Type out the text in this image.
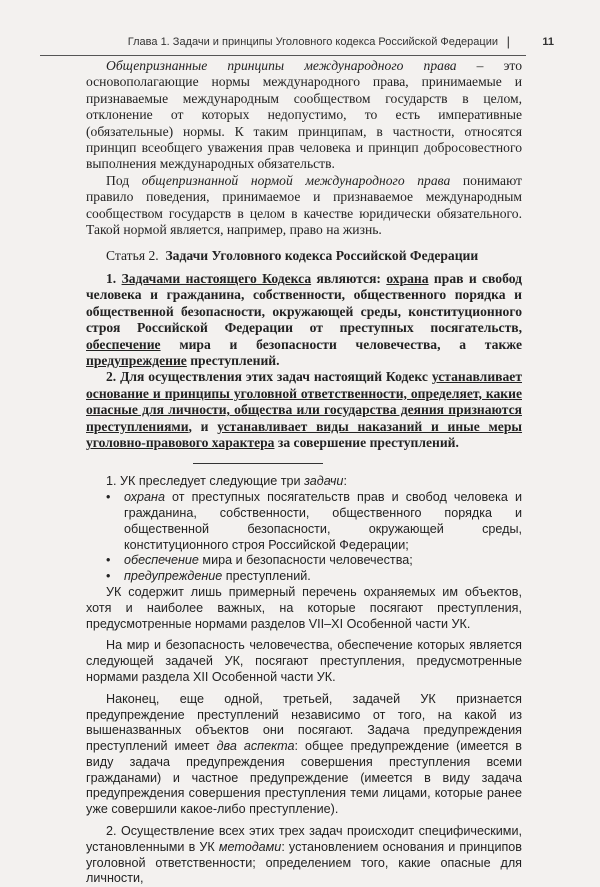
Глава 1. Задачи и принципы Уголовного кодекса Российской Федерации |	11

Общепризнанные принципы международного права – это основополагающие нормы международного права, принимаемые и признаваемые международным сообществом государств в целом, отклонение от которых недопустимо, то есть императивные (обязательные) нормы. К таким принципам, в частности, относятся принцип всеобщего уважения прав человека и принцип добросовестного выполнения международных обязательств.

Под общепризнанной нормой международного права понимают правило поведения, принимаемое и признаваемое международным сообществом государств в целом в качестве юридически обязательного. Такой нормой является, например, право на жизнь.

Статья 2. Задачи Уголовного кодекса Российской Федерации

1. Задачами настоящего Кодекса являются: охрана прав и свобод человека и гражданина, собственности, общественного порядка и общественной безопасности, окружающей среды, конституционного строя Российской Федерации от преступных посягательств, обеспечение мира и безопасности человечества, а также предупреждение преступлений.

2. Для осуществления этих задач настоящий Кодекс устанавливает основание и принципы уголовной ответственности, определяет, какие опасные для личности, общества или государства деяния признаются преступлениями, и устанавливает виды наказаний и иные меры уголовно-правового характера за совершение преступлений.

1. УК преследует следующие три задачи:

• охрана от преступных посягательств прав и свобод человека и гражданина, собственности, общественного порядка и общественной безопасности, окружающей среды, конституционного строя Российской Федерации;
• обеспечение мира и безопасности человечества;
• предупреждение преступлений.

УК содержит лишь примерный перечень охраняемых им объектов, хотя и наиболее важных, на которые посягают преступления, предусмотренные нормами разделов VII–XI Особенной части УК.

На мир и безопасность человечества, обеспечение которых является следующей задачей УК, посягают преступления, предусмотренные нормами раздела XII Особенной части УК.

Наконец, еще одной, третьей, задачей УК признается предупреждение преступлений независимо от того, на какой из вышеназванных объектов они посягают. Задача предупреждения преступлений имеет два аспекта: общее предупреждение (имеется в виду задача предупреждения совершения преступления всеми гражданами) и частное предупреждение (имеется в виду задача предупреждения совершения преступления теми лицами, которые ранее уже совершили какое-либо преступление).

2. Осуществление всех этих трех задач происходит специфическими, установленными в УК методами: установлением основания и принципов уголовной ответственности; определением того, какие опасные для личности,
